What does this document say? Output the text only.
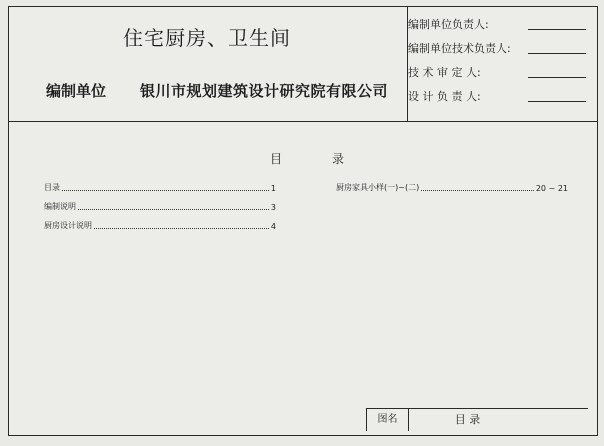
住宅厨房、卫生间
编制单位 银川市规划建筑设计研究院有限公司
编制单位负责人:
编制单位技术负责人:
技 术 审 定 人:
设 计 负 责 人:
目	录
目录	1
编制说明	3
厨房设计说明	4
厨房家具小样(一)~(二)	20 ~ 21
图名	目 录
